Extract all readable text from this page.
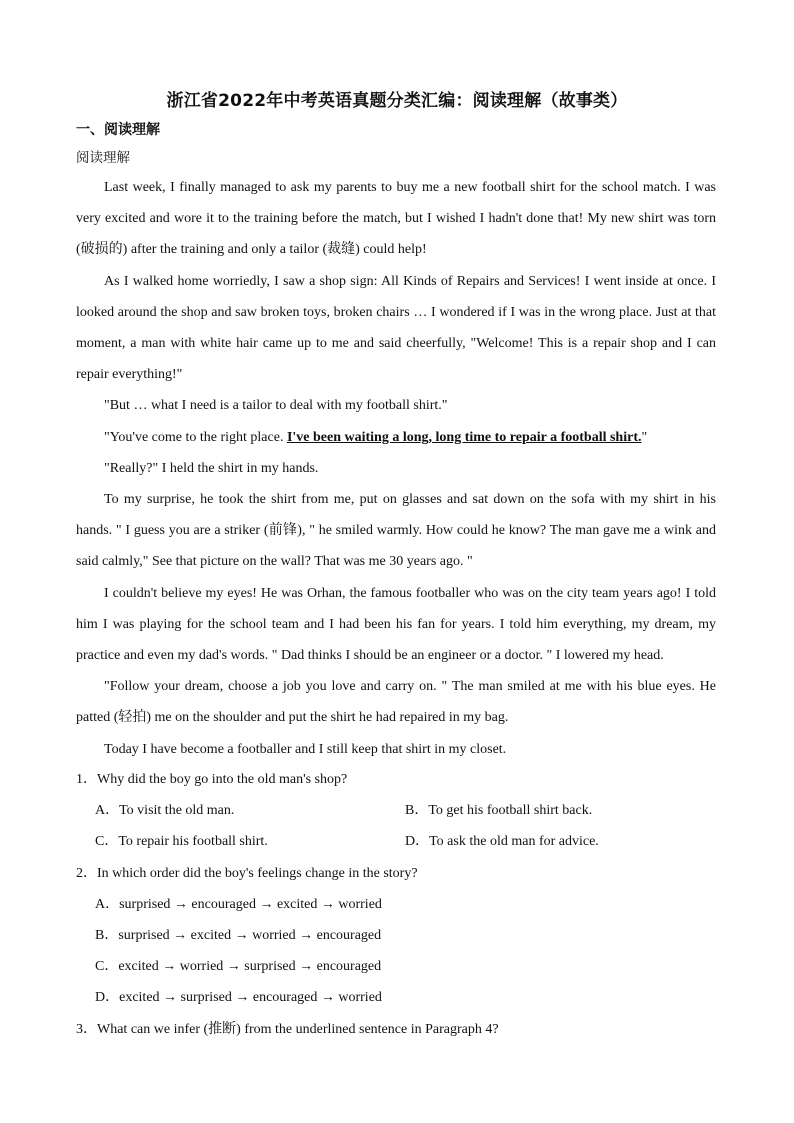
浙江省2022年中考英语真题分类汇编：阅读理解（故事类）
一、阅读理解
阅读理解

Last week, I finally managed to ask my parents to buy me a new football shirt for the school match. I was very excited and wore it to the training before the match, but I wished I hadn't done that! My new shirt was torn (破损的) after the training and only a tailor (裁缝) could help!

As I walked home worriedly, I saw a shop sign: All Kinds of Repairs and Services! I went inside at once. I looked around the shop and saw broken toys, broken chairs … I wondered if I was in the wrong place. Just at that moment, a man with white hair came up to me and said cheerfully, "Welcome! This is a repair shop and I can repair everything!"

"But … what I need is a tailor to deal with my football shirt."

"You've come to the right place. I've been waiting a long, long time to repair a football shirt."

"Really?" I held the shirt in my hands.

To my surprise, he took the shirt from me, put on glasses and sat down on the sofa with my shirt in his hands. " I guess you are a striker (前锋), " he smiled warmly. How could he know? The man gave me a wink and said calmly," See that picture on the wall? That was me 30 years ago. "

I couldn't believe my eyes! He was Orhan, the famous footballer who was on the city team years ago! I told him I was playing for the school team and I had been his fan for years. I told him everything, my dream, my practice and even my dad's words. " Dad thinks I should be an engineer or a doctor. " I lowered my head.

"Follow your dream, choose a job you love and carry on. " The man smiled at me with his blue eyes. He patted (轻拍) me on the shoulder and put the shirt he had repaired in my bag.

Today I have become a footballer and I still keep that shirt in my closet.

1．Why did the boy go into the old man's shop?

A．To visit the old man.	B．To get his football shirt back.
C．To repair his football shirt.	D．To ask the old man for advice.

2．In which order did the boy's feelings change in the story?

A．surprised → encouraged → excited → worried
B．surprised → excited → worried → encouraged
C．excited → worried → surprised → encouraged
D．excited → surprised → encouraged → worried

3．What can we infer (推断) from the underlined sentence in Paragraph 4?
